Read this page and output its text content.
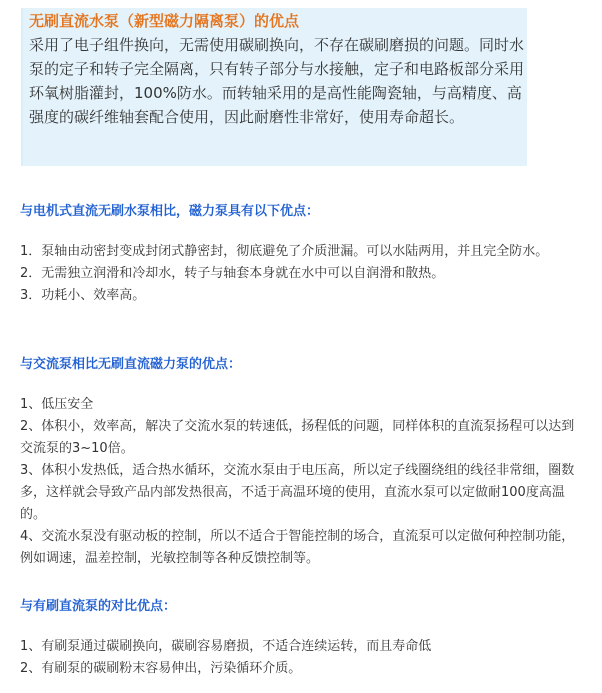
无刷直流水泵（新型磁力隔离泵）的优点
采用了电子组件换向，无需使用碳刷换向，不存在碳刷磨损的问题。同时水泵的定子和转子完全隔离，只有转子部分与水接触，定子和电路板部分采用环氧树脂灌封，100%防水。而转轴采用的是高性能陶瓷轴，与高精度、高强度的碳纤维轴套配合使用，因此耐磨性非常好，使用寿命超长。
与电机式直流无刷水泵相比，磁力泵具有以下优点：
1．泵轴由动密封变成封闭式静密封，彻底避免了介质泄漏。可以水陆两用，并且完全防水。
2．无需独立润滑和冷却水，转子与轴套本身就在水中可以自润滑和散热。
3．功耗小、效率高。
与交流泵相比无刷直流磁力泵的优点：
1、低压安全
2、体积小，效率高，解决了交流水泵的转速低，扬程低的问题，同样体积的直流泵扬程可以达到交流泵的3~10倍。
3、体积小发热低，适合热水循环，交流水泵由于电压高，所以定子线圈绕组的线径非常细，圈数多，这样就会导致产品内部发热很高，不适于高温环境的使用，直流水泵可以定做耐100度高温的。
4、交流水泵没有驱动板的控制，所以不适合于智能控制的场合，直流泵可以定做何种控制功能，例如调速，温差控制，光敏控制等各种反馈控制等。
与有刷直流泵的对比优点：
1、有刷泵通过碳刷换向，碳刷容易磨损，不适合连续运转，而且寿命低
2、有刷泵的碳刷粉末容易伸出，污染循环介质。
